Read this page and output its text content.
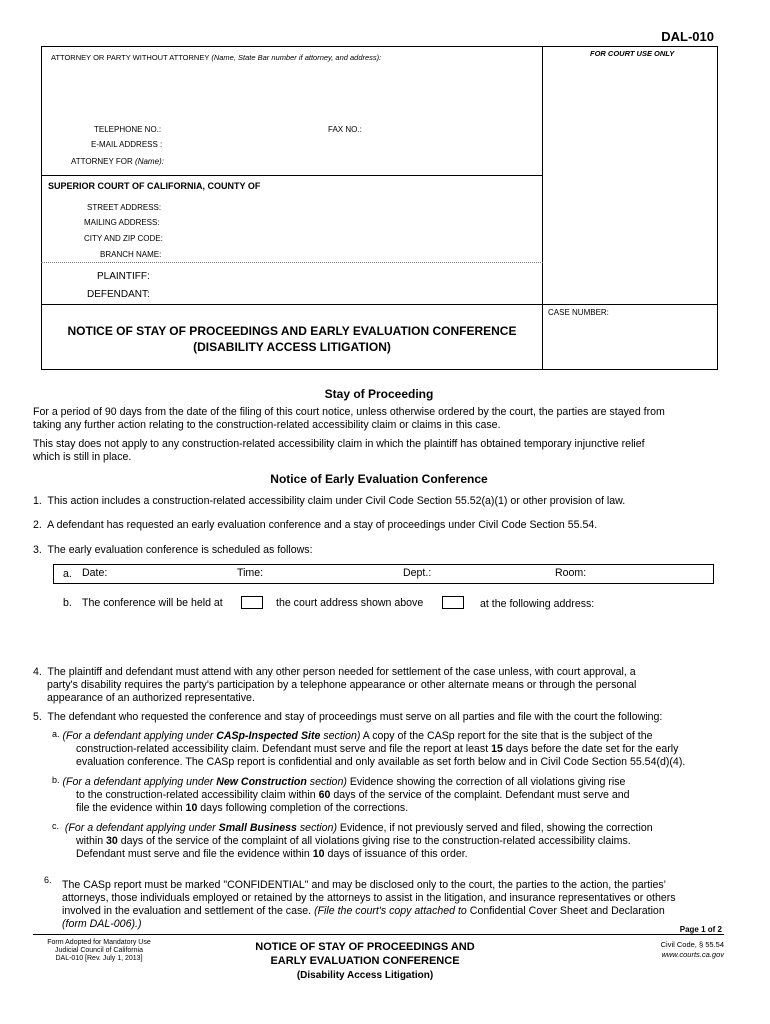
DAL-010
ATTORNEY OR PARTY WITHOUT ATTORNEY (Name, State Bar number if attorney, and address):	FOR COURT USE ONLY
TELEPHONE NO.:	FAX NO.:
E-MAIL ADDRESS :
ATTORNEY FOR (Name):
SUPERIOR COURT OF CALIFORNIA, COUNTY OF
STREET ADDRESS:
MAILING ADDRESS:
CITY AND ZIP CODE:
BRANCH NAME:
PLAINTIFF:
DEFENDANT:
CASE NUMBER:
NOTICE OF STAY OF PROCEEDINGS AND EARLY EVALUATION CONFERENCE
(DISABILITY ACCESS LITIGATION)
Stay of Proceeding
For a period of 90 days from the date of the filing of this court notice, unless otherwise ordered by the court, the parties are stayed from
taking any further action relating to the construction-related accessibility claim or claims in this case.
This stay does not apply to any construction-related accessibility claim in which the plaintiff has obtained temporary injunctive relief
which is still in place.
Notice of Early Evaluation Conference
1.  This action includes a construction-related accessibility claim under Civil Code Section 55.52(a)(1) or other provision of law.
2.  A defendant has requested an early evaluation conference and a stay of proceedings under Civil Code Section 55.54.
3.  The early evaluation conference is scheduled as follows:
a. Date:	Time:	Dept.:	Room:
b. The conference will be held at	the court address shown above	at the following address:
4.  The plaintiff and defendant must attend with any other person needed for settlement of the case unless, with court approval, a
party's disability requires the party's participation by a telephone appearance or other alternate means or through the personal
appearance of an authorized representative.
5.  The defendant who requested the conference and stay of proceedings must serve on all parties and file with the court the following:
a. (For a defendant applying under CASp-Inspected Site section) A copy of the CASp report for the site that is the subject of the
construction-related accessibility claim. Defendant must serve and file the report at least 15 days before the date set for the early
evaluation conference. The CASp report is confidential and only available as set forth below and in Civil Code Section 55.54(d)(4).
b. (For a defendant applying under New Construction section) Evidence showing the correction of all violations giving rise
to the construction-related accessibility claim within 60 days of the service of the complaint. Defendant must serve and
file the evidence within 10 days following completion of the corrections.
c. (For a defendant applying under Small Business section) Evidence, if not previously served and filed, showing the correction
within 30 days of the service of the complaint of all violations giving rise to the construction-related accessibility claims.
Defendant must serve and file the evidence within 10 days of issuance of this order.
6. The CASp report must be marked "CONFIDENTIAL" and may be disclosed only to the court, the parties to the action, the parties’
attorneys, those individuals employed or retained by the attorneys to assist in the litigation, and insurance representatives or others
involved in the evaluation and settlement of the case. (File the court's copy attached to Confidential Cover Sheet and Declaration
(form DAL-006).)	Page 1 of 2
Form Adopted for Mandatory Use
Judicial Council of California
DAL-010 [Rev. July 1, 2013]
NOTICE OF STAY OF PROCEEDINGS AND
EARLY EVALUATION CONFERENCE
(Disability Access Litigation)
Civil Code, § 55.54
www.courts.ca.gov
